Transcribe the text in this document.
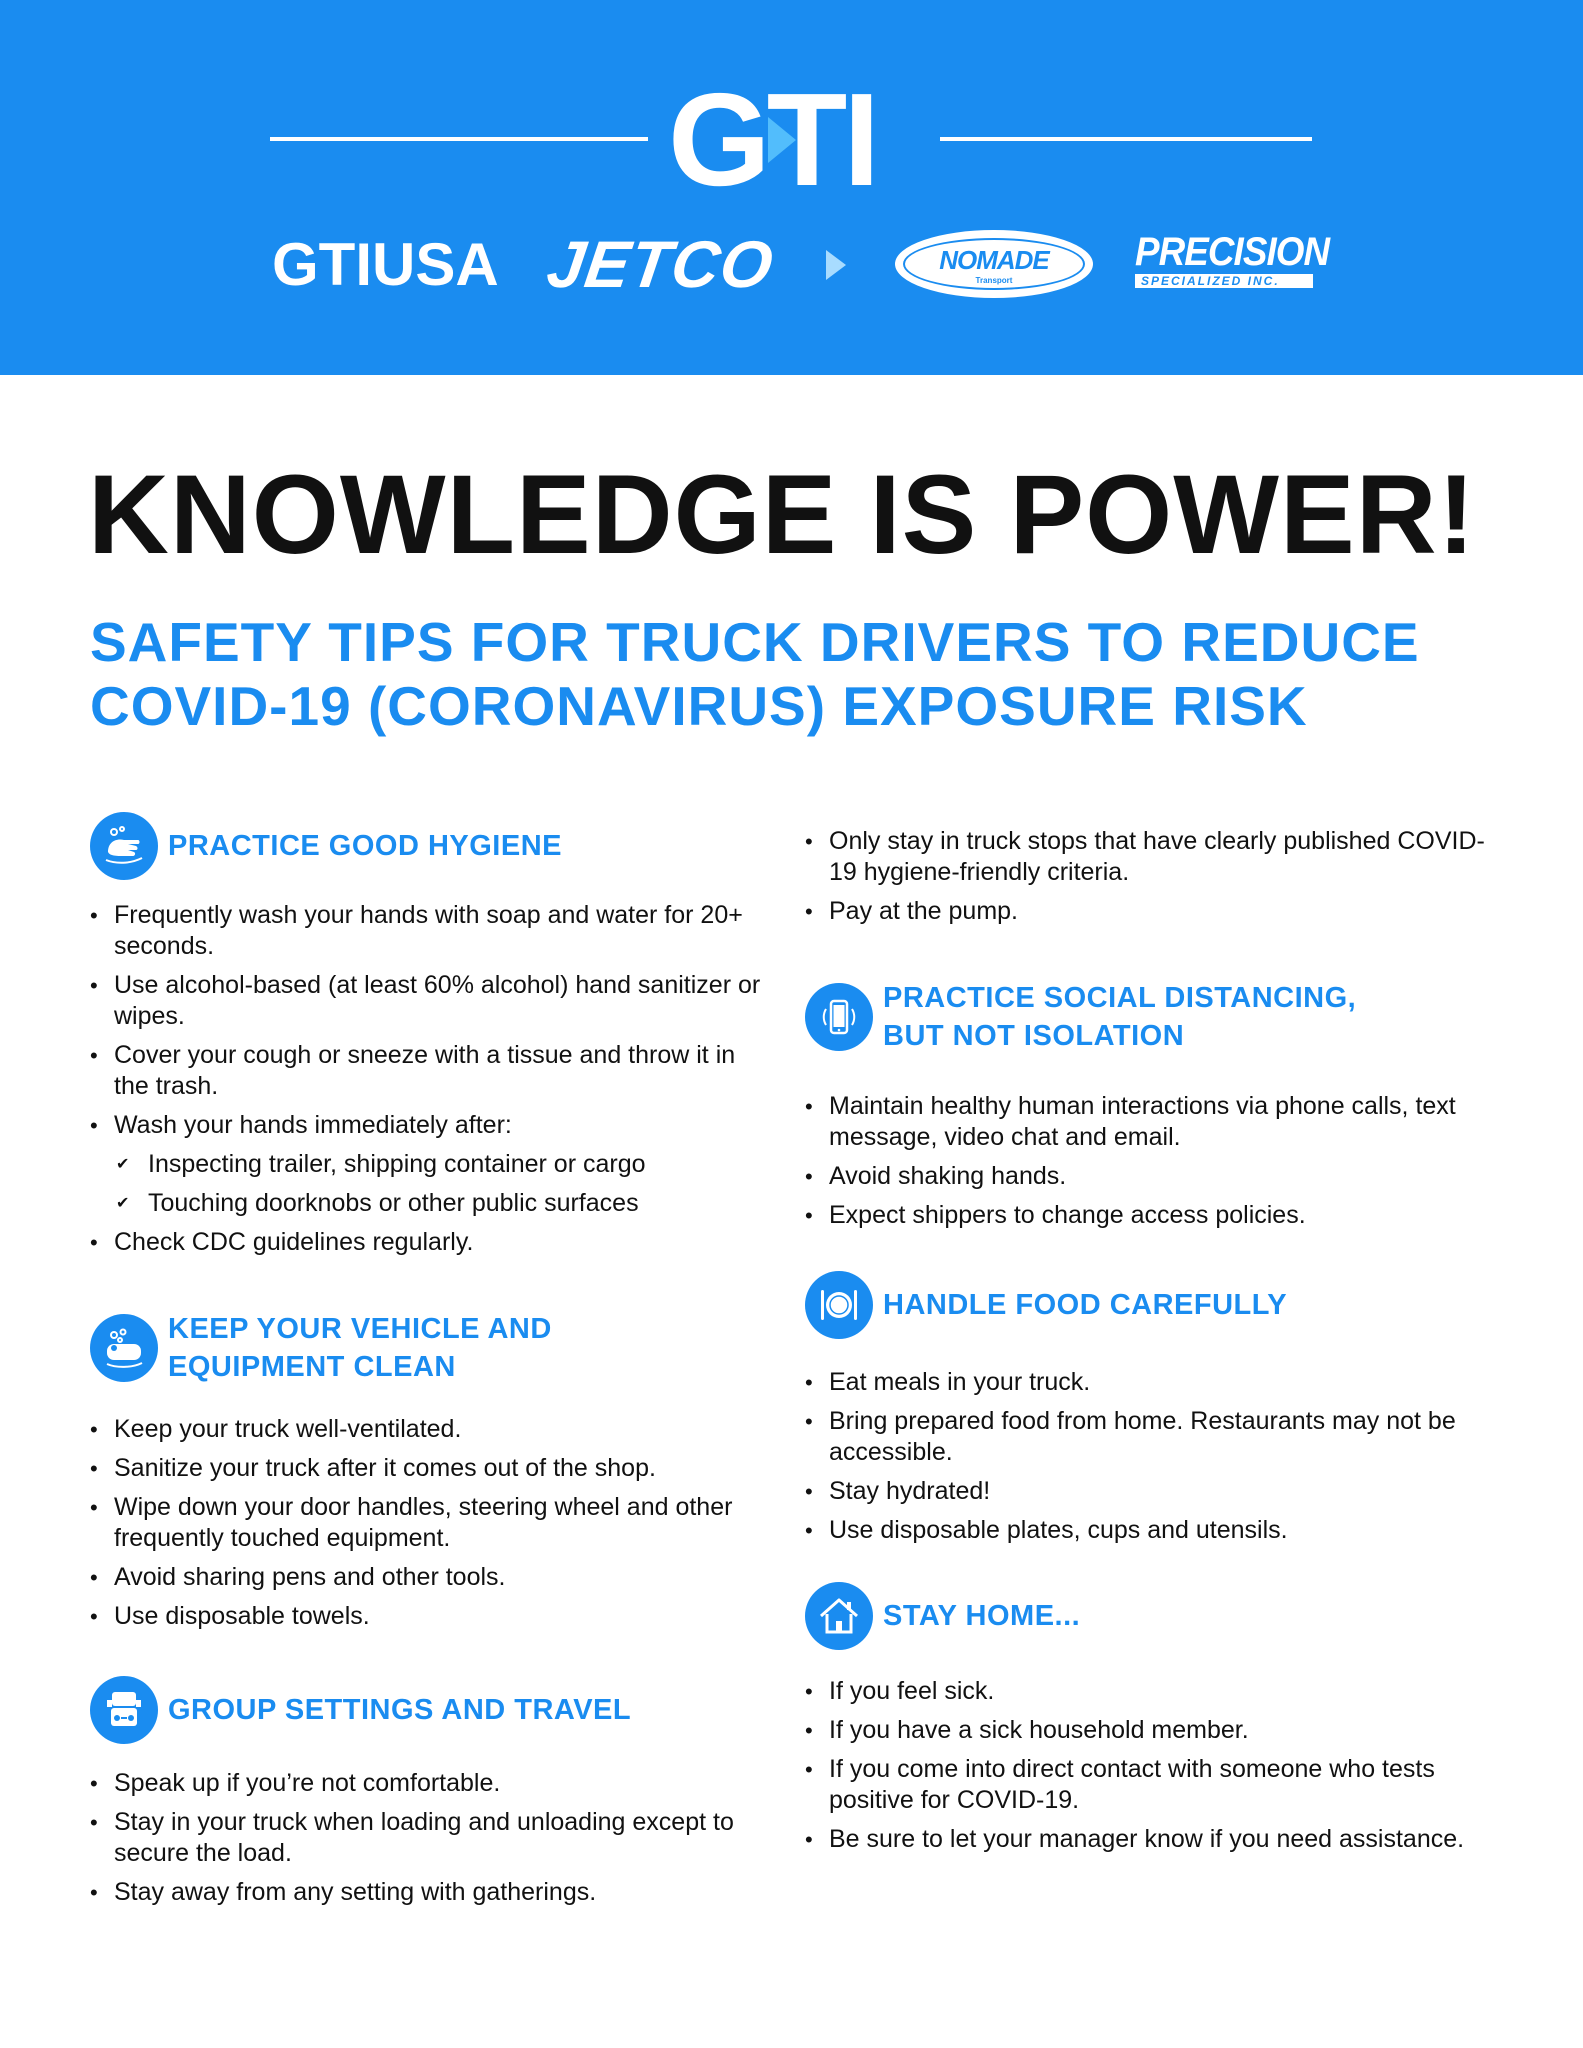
GTI
GTIUSA JETCO	NOMADE
Transport
PRECISION
SPECIALIZED INC.
KNOWLEDGE IS POWER!
SAFETY TIPS FOR TRUCK DRIVERS TO REDUCE
COVID-19 (CORONAVIRUS) EXPOSURE RISK
PRACTICE GOOD HYGIENE
• Frequently wash your hands with soap and water for 20+ seconds.
• Use alcohol-based (at least 60% alcohol) hand sanitizer or wipes.
• Cover your cough or sneeze with a tissue and throw it in the trash.
• Wash your hands immediately after:
✔ Inspecting trailer, shipping container or cargo
✔ Touching doorknobs or other public surfaces
• Check CDC guidelines regularly.
KEEP YOUR VEHICLE AND
EQUIPMENT CLEAN
• Keep your truck well-ventilated.
• Sanitize your truck after it comes out of the shop.
• Wipe down your door handles, steering wheel and other frequently touched equipment.
• Avoid sharing pens and other tools.
• Use disposable towels.
GROUP SETTINGS AND TRAVEL
• Speak up if you’re not comfortable.
• Stay in your truck when loading and unloading except to secure the load.
• Stay away from any setting with gatherings.
• Only stay in truck stops that have clearly published COVID-19 hygiene-friendly criteria.
• Pay at the pump.
PRACTICE SOCIAL DISTANCING,
BUT NOT ISOLATION
• Maintain healthy human interactions via phone calls, text message, video chat and email.
• Avoid shaking hands.
• Expect shippers to change access policies.
HANDLE FOOD CAREFULLY
• Eat meals in your truck.
• Bring prepared food from home. Restaurants may not be accessible.
• Stay hydrated!
• Use disposable plates, cups and utensils.
STAY HOME...
• If you feel sick.
• If you have a sick household member.
• If you come into direct contact with someone who tests positive for COVID-19.
• Be sure to let your manager know if you need assistance.
